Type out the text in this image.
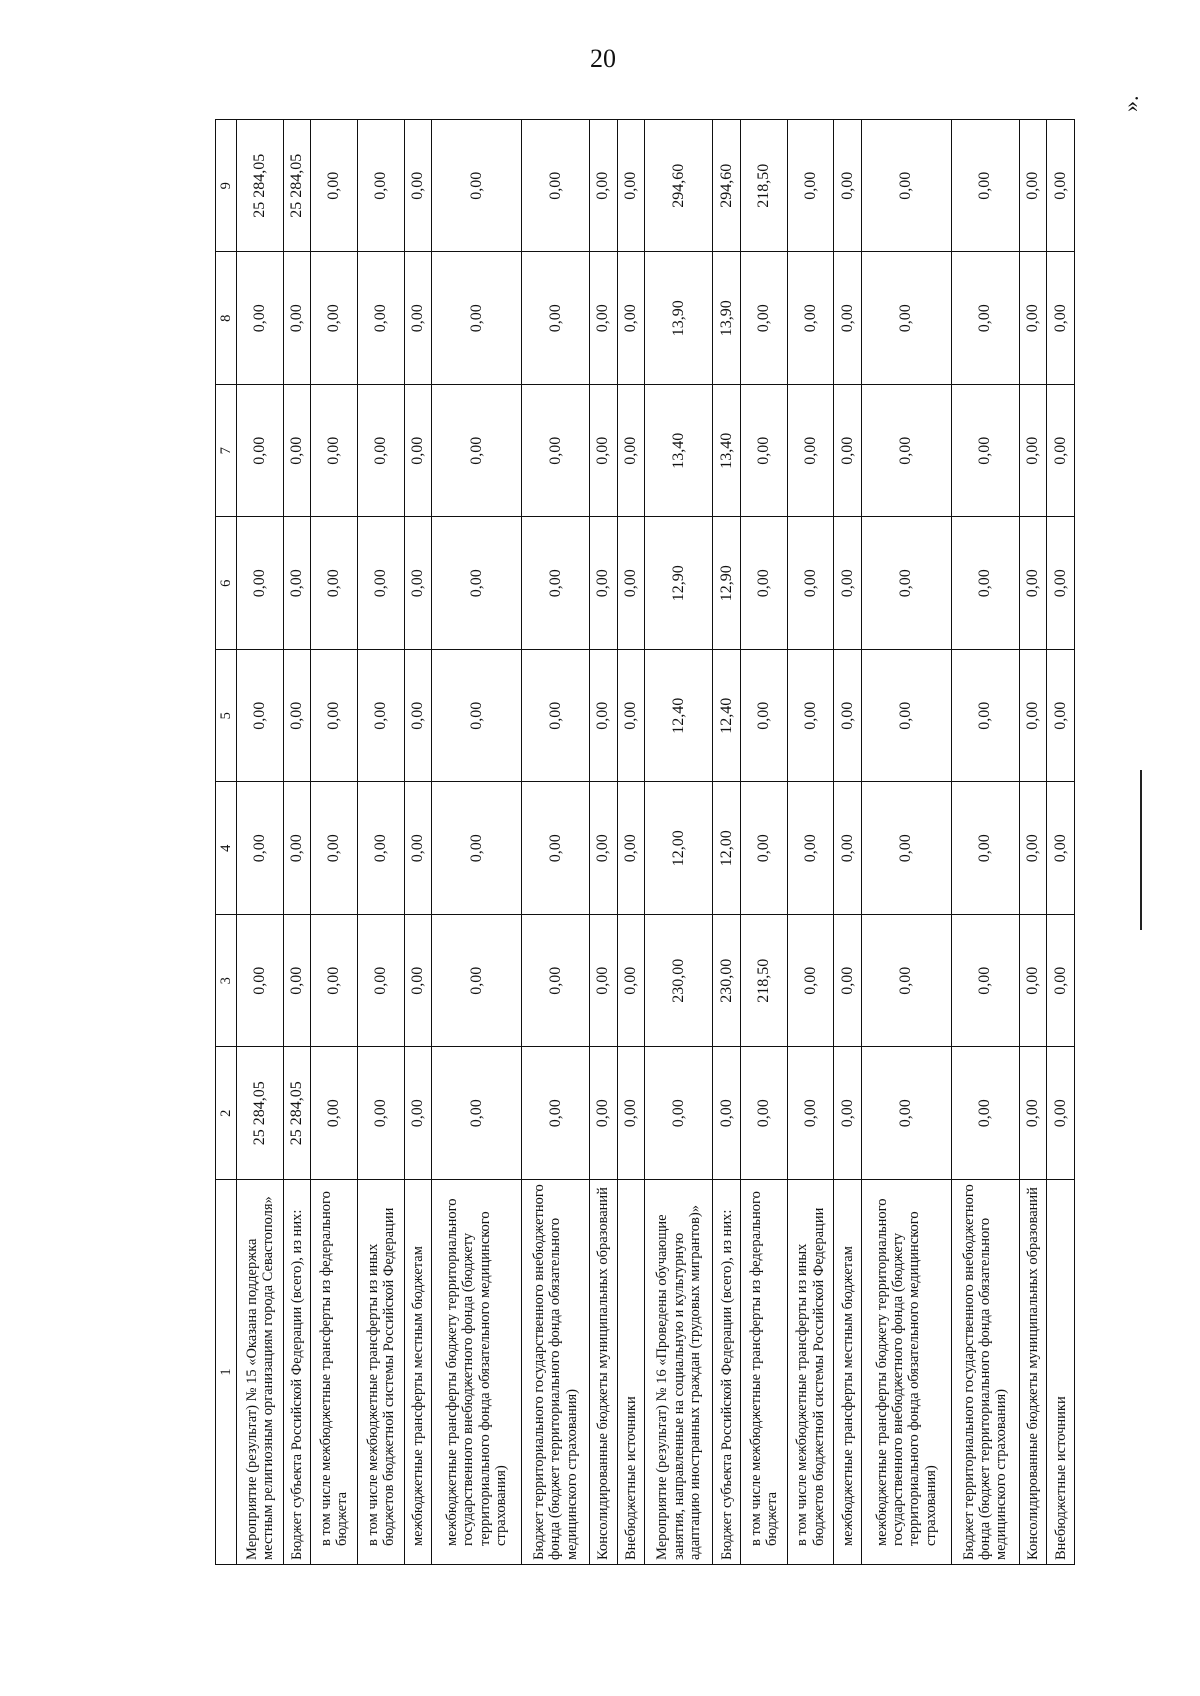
20
».
1	2	3	4	5	6	7	8	9
Мероприятие (результат) № 15 «Оказана поддержка местным религиозным организациям города Севастополя»	25 284,05	0,00	0,00	0,00	0,00	0,00	0,00	25 284,05
Бюджет субъекта Российской Федерации (всего), из них:	25 284,05	0,00	0,00	0,00	0,00	0,00	0,00	25 284,05
в том числе межбюджетные трансферты из федерального бюджета	0,00	0,00	0,00	0,00	0,00	0,00	0,00	0,00
в том числе межбюджетные трансферты из иных бюджетов бюджетной системы Российской Федерации	0,00	0,00	0,00	0,00	0,00	0,00	0,00	0,00
межбюджетные трансферты местным бюджетам	0,00	0,00	0,00	0,00	0,00	0,00	0,00	0,00
межбюджетные трансферты бюджету территориального государственного внебюджетного фонда (бюджету территориального фонда обязательного медицинского страхования)	0,00	0,00	0,00	0,00	0,00	0,00	0,00	0,00
Бюджет территориального государственного внебюджетного фонда (бюджет территориального фонда обязательного медицинского страхования)	0,00	0,00	0,00	0,00	0,00	0,00	0,00	0,00
Консолидированные бюджеты муниципальных образований	0,00	0,00	0,00	0,00	0,00	0,00	0,00	0,00
Внебюджетные источники	0,00	0,00	0,00	0,00	0,00	0,00	0,00	0,00
Мероприятие (результат) № 16 «Проведены обучающие занятия, направленные на социальную и культурную адаптацию иностранных граждан (трудовых мигрантов)»	0,00	230,00	12,00	12,40	12,90	13,40	13,90	294,60
Бюджет субъекта Российской Федерации (всего), из них:	0,00	230,00	12,00	12,40	12,90	13,40	13,90	294,60
в том числе межбюджетные трансферты из федерального бюджета	0,00	218,50	0,00	0,00	0,00	0,00	0,00	218,50
в том числе межбюджетные трансферты из иных бюджетов бюджетной системы Российской Федерации	0,00	0,00	0,00	0,00	0,00	0,00	0,00	0,00
межбюджетные трансферты местным бюджетам	0,00	0,00	0,00	0,00	0,00	0,00	0,00	0,00
межбюджетные трансферты бюджету территориального государственного внебюджетного фонда (бюджету территориального фонда обязательного медицинского страхования)	0,00	0,00	0,00	0,00	0,00	0,00	0,00	0,00
Бюджет территориального государственного внебюджетного фонда (бюджет территориального фонда обязательного медицинского страхования)	0,00	0,00	0,00	0,00	0,00	0,00	0,00	0,00
Консолидированные бюджеты муниципальных образований	0,00	0,00	0,00	0,00	0,00	0,00	0,00	0,00
Внебюджетные источники	0,00	0,00	0,00	0,00	0,00	0,00	0,00	0,00
